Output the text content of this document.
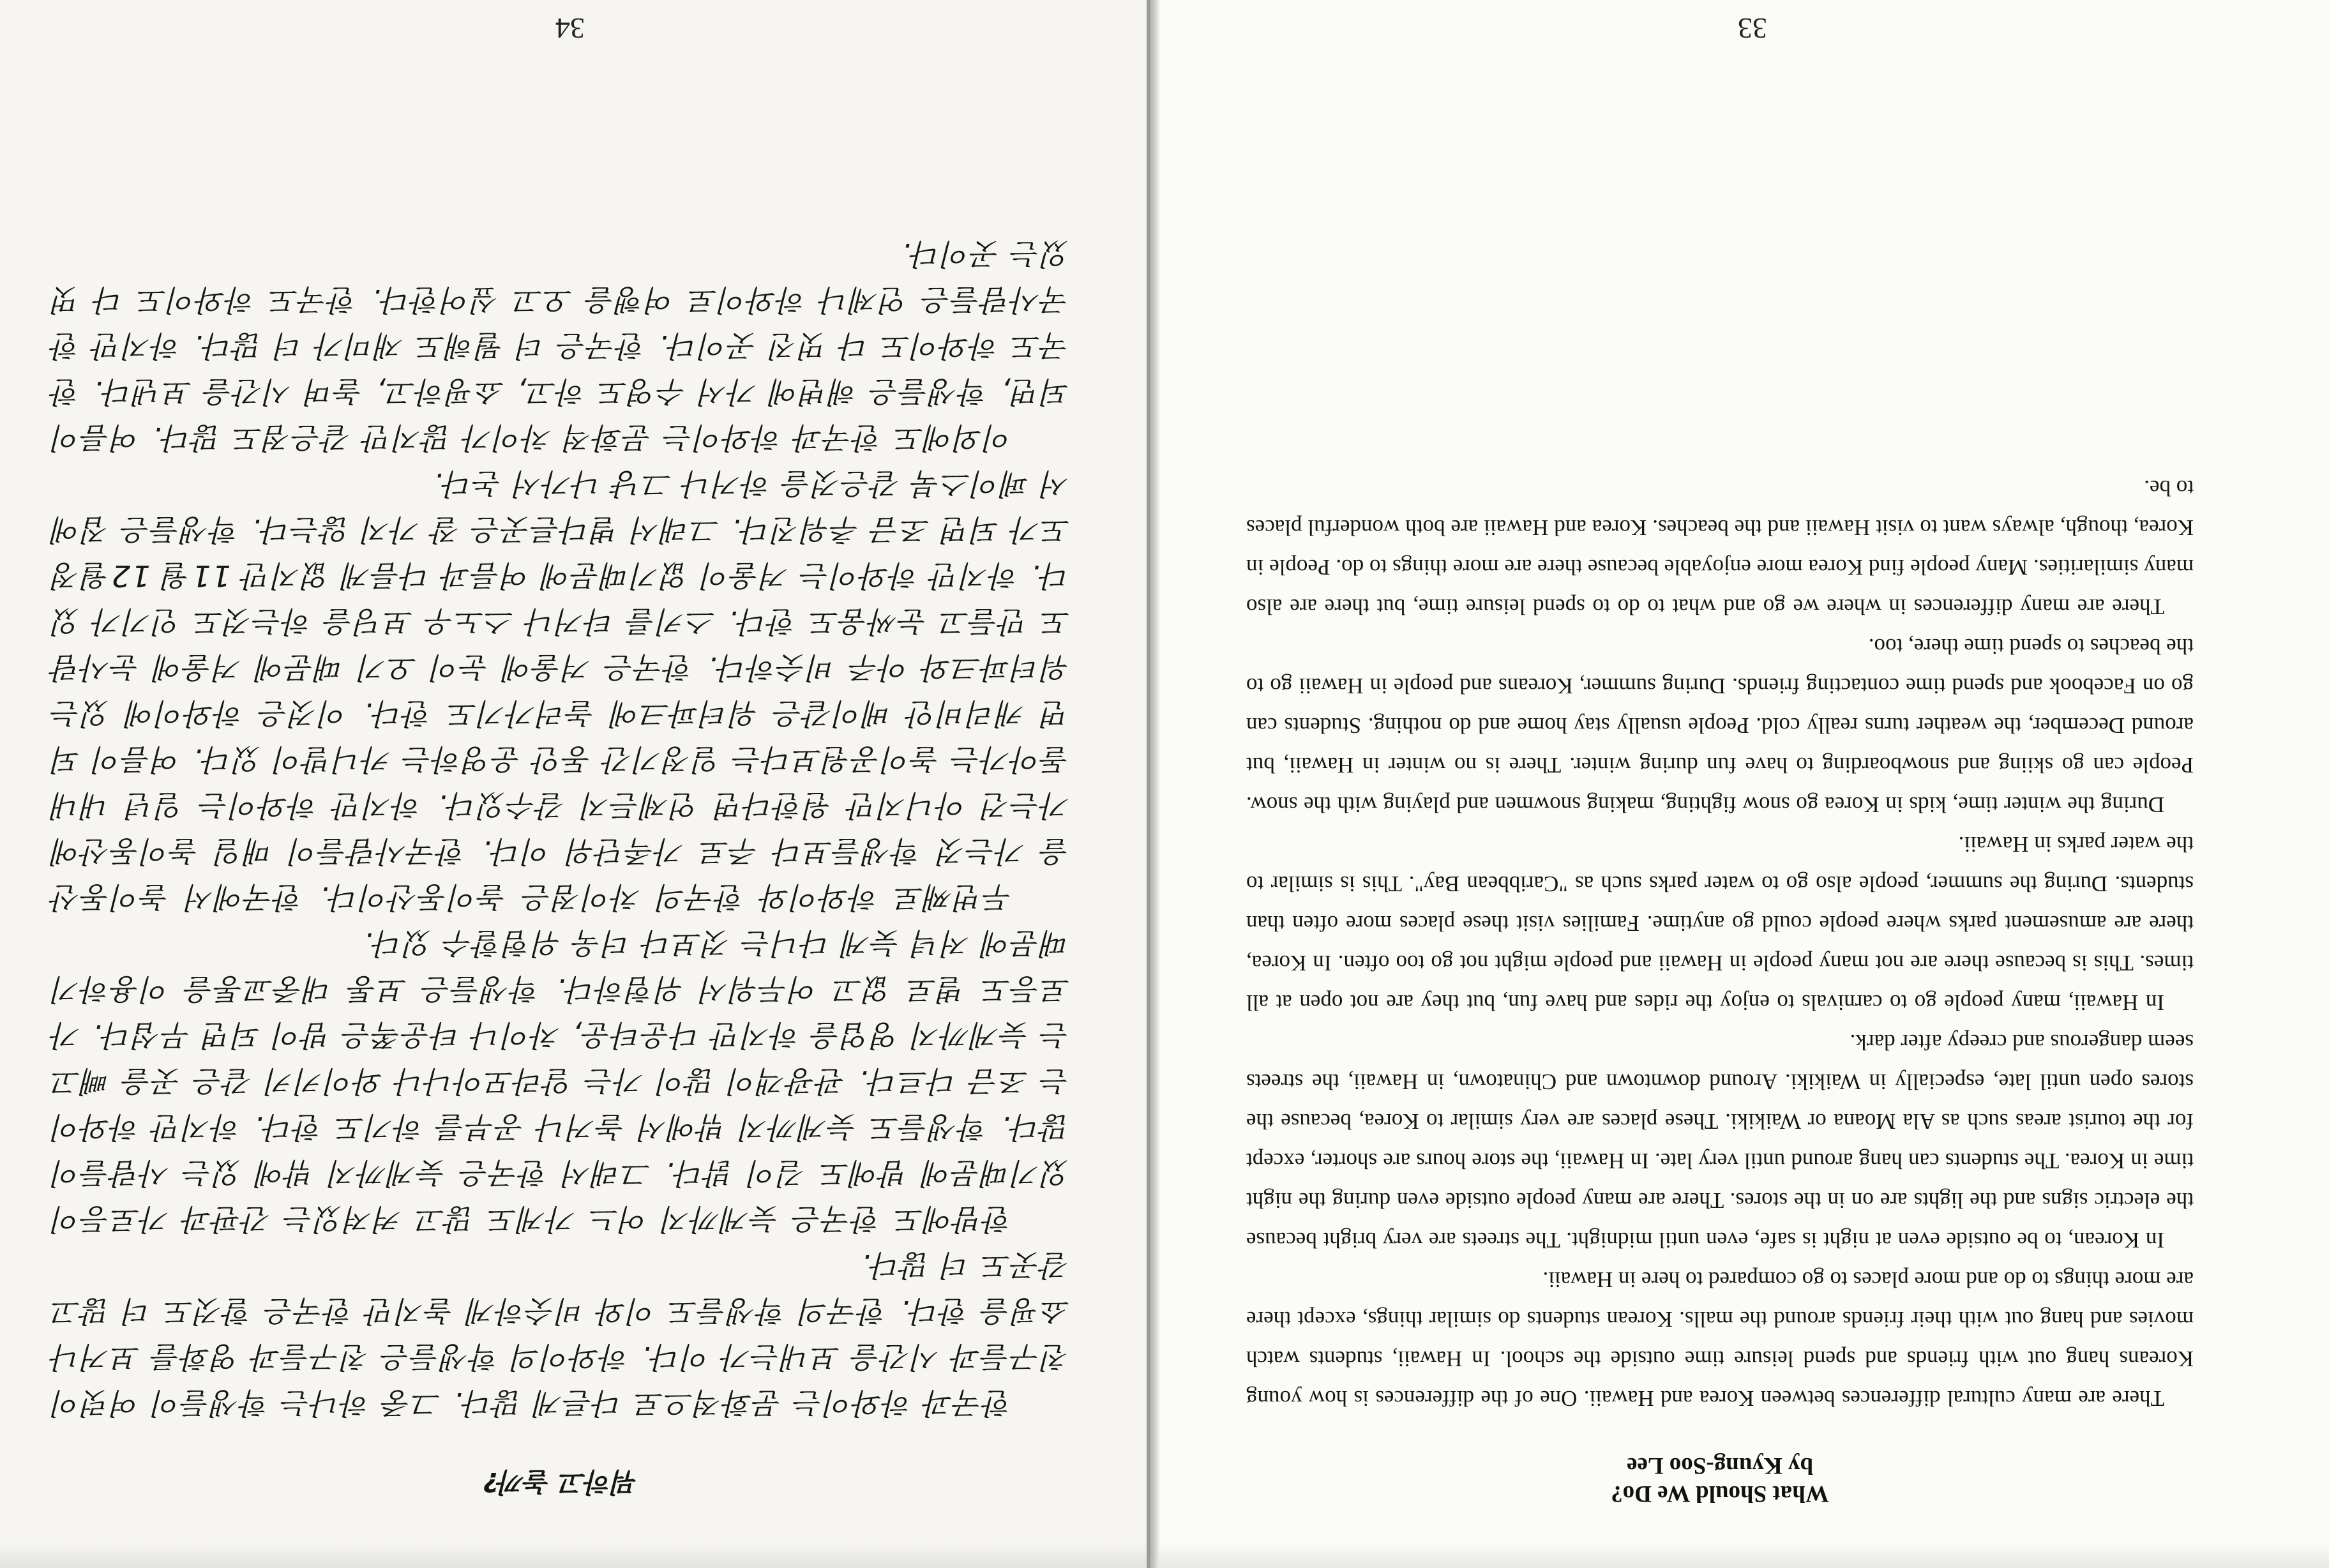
What Should We Do?

by Kyung-Soo Lee

There are many cultural differences between Korea and Hawaii. One of the differences is how young Koreans hang out with friends and spend leisure time outside the school. In Hawaii, students watch movies and hang out with their friends around the malls. Korean students do similar things, except there are more things to do and more places to go compared to here in Hawaii.

In Korean, to be outside even at night is safe, even until midnight. The streets are very bright because the electric signs and the lights are on in the stores. There are many people outside even during the night time in Korea. The students can hang around until very late. In Hawaii, the store hours are shorter, except for the tourist areas such as Ala Moana or Waikiki. These places are very similar to Korea, because the stores open until late, especially in Waikiki. Around downtown and Chinatown, in Hawaii, the streets seem dangerous and creepy after dark.

In Hawaii, many people go to carnivals to enjoy the rides and have fun, but they are not open at all times. This is because there are not many people in Hawaii and people might not go too often. In Korea, there are amusement parks where people could go anytime. Families visit these places more often than students. During the summer, people also go to water parks such as "Caribbean Bay". This is similar to the water parks in Hawaii.

During the winter time, kids in Korea go snow fighting, making snowmen and playing with the snow. People can go skiing and snowboarding to have fun during winter. There is no winter in Hawaii, but around December, the weather turns really cold. People usually stay home and do nothing. Students can go on Facebook and spend time contacting friends. During summer, Koreans and people in Hawaii go to the beaches to spend time there, too.

There are many differences in where we go and what to do to spend leisure time, but there are also many similarities. Many people find Korea more enjoyable because there are more things to do. People in Korea, though, always want to visit Hawaii and the beaches. Korea and Hawaii are both wonderful places to be.

33
뭐하고 놀까?

한국과 하와이는 문화적으로 다른게 많다. 그중 하나는 학생들이 여럿이 친구들과 시간을 보내는가 이다. 하와이의 학생들은 친구들과 영화를 보거나 쇼핑을 한다. 한국의 학생들도 이와 비슷하게 놀지만 한국은 할것도 더 많고 갈곳도 더 많다.

한밤에도 한국은 늦게까지 어느 가게도 많고 켜져있는 간판과 가로등이 있기때문에 밤에도 길이 밝다. 그래서 한국은 늦게까지 밖에 있는 사람들이 많다. 학생들도 늦게까지 밖에서 놀거나 공부를 하기도 한다. 하지만 하와이는 조금 다르다. 관광객이 많이 가는 알라모아나나 와이키키 같은 곳을 빼고는 늦게까지 영업을 하지만 다운타운, 차이나 타운쪽은 밤이 되면 무섭다. 가로등도 별로 없고 어두워서 위험하다. 학생들은 보통 대중교통을 이용하기 때문에 저녁 늦게 다니는 것보다 더욱 위험할수 있다.

두번째로 하와이와 한국의 차이점은 놀이동산이다. 한국에서 놀이동산을 가는것 학생들보다 주로 가족단위 이다. 한국사람들이 매일 놀이동산에 가는건 아니지만 원한다면 언제든지 갈수있다. 하지만 하와이는 일년 내내 돌아가는 놀이공원보다는 일정기간 동안 운영하는 카니발이 있다. 여름이 되면 캐리비안 베이같은 워터파크에 놀러가기도 한다. 이것은 하와이에 있는 워터파크와 아주 비슷하다. 한국은 겨울에 눈이 오기 때문에 겨울에 눈사람도 만들고 눈싸움도 한다. 스키를 타거나 스노우 보딩을 하는것도 인기가 있다. 하지만 하와이는 겨울이 없기때문에 여름과 다름게 없지만 11월 12월정도가 되면 조금 추워진다. 그래서 별다른곳은 잘 가지 않는다. 학생들은 집에서 페이스북 같은것을 하거나 그냥 나가서 논다.

이외에도 한국과 하와이는 문화적 차이가 많지만 같은점도 많다. 여름이 되면, 학생들은 해변에 가서 수영도 하고, 쇼핑하고, 놀며 시간을 보낸다. 한국도 하와이도 다 멋진 곳이다. 한국은 더 뭘해도 재미가 더 많다. 하지만 한국사람들은 언제나 하와이로 여행을 오고 싶어한다. 한국도 하와이도 다 멋있는 곳이다.

34
